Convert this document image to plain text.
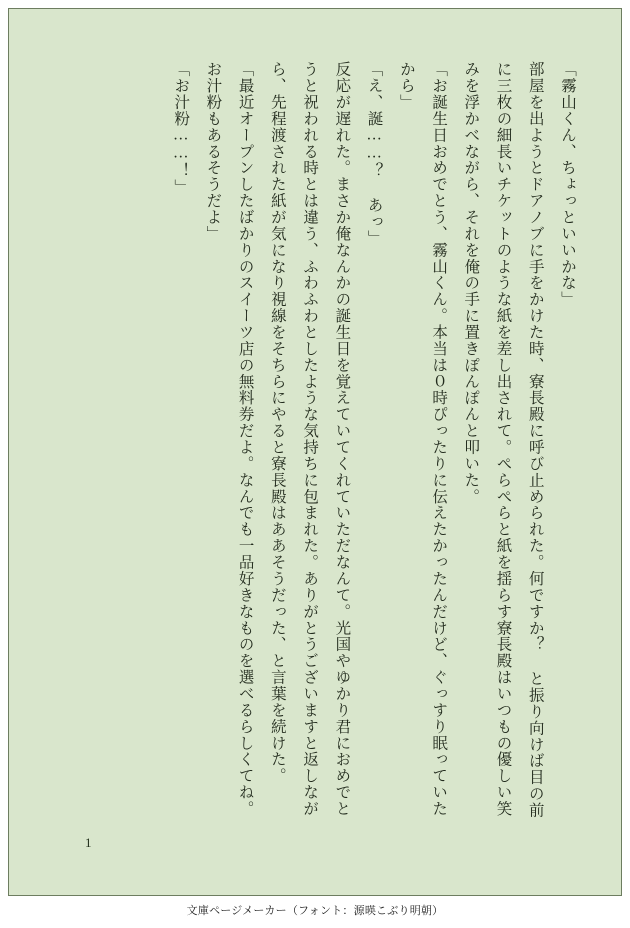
「霧山くん、ちょっといいかな」

部屋を出ようとドアノブに手をかけた時、寮長殿に呼び止められた。何ですか？ と振り向けば目の前に三枚の細長いチケットのような紙を差し出されて。ぺらぺらと紙を揺らす寮長殿はいつもの優しい笑みを浮かべながら、それを俺の手に置きぽんぽんと叩いた。

「お誕生日おめでとう、霧山くん。本当は０時ぴったりに伝えたかったんだけど、ぐっすり眠っていたから」

「え、誕……？ あっ」

反応が遅れた。まさか俺なんかの誕生日を覚えていてくれていただなんて。光国やゆかり君におめでとうと祝われる時とは違う、ふわふわとしたような気持ちに包まれた。ありがとうございますと返しながら、先程渡された紙が気になり視線をそちらにやると寮長殿はああそうだった、と言葉を続けた。

「最近オープンしたばかりのスイーツ店の無料券だよ。なんでも一品好きなものを選べるらしくてね。お汁粉もあるそうだよ」

「お汁粉……！」

1
文庫ページメーカー（フォント：源暎こぶり明朝）
